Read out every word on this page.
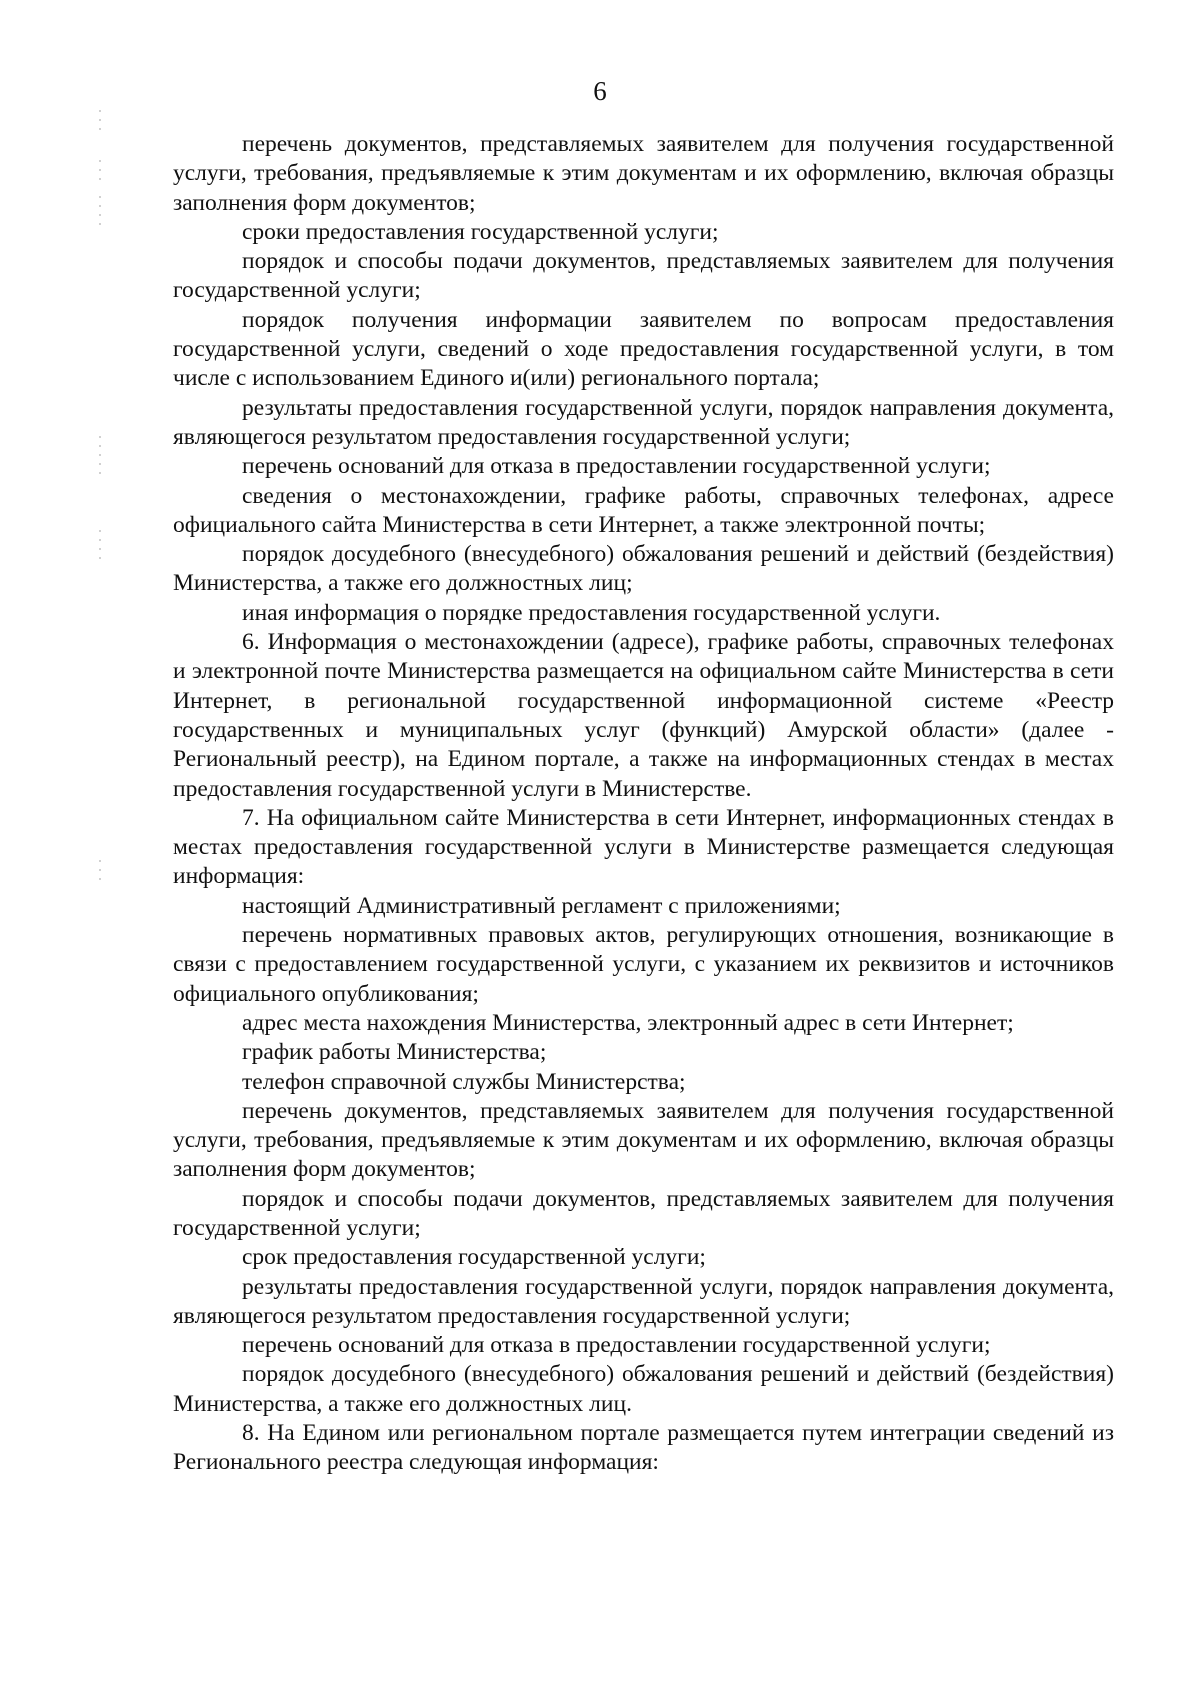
6

перечень документов, представляемых заявителем для получения государственной услуги, требования, предъявляемые к этим документам и их оформлению, включая образцы заполнения форм документов;

сроки предоставления государственной услуги;

порядок и способы подачи документов, представляемых заявителем для получения государственной услуги;

порядок получения информации заявителем по вопросам предоставления государственной услуги, сведений о ходе предоставления государственной услуги, в том числе с использованием Единого и(или) регионального портала;

результаты предоставления государственной услуги, порядок направления документа, являющегося результатом предоставления государственной услуги;

перечень оснований для отказа в предоставлении государственной услуги;

сведения о местонахождении, графике работы, справочных телефонах, адресе официального сайта Министерства в сети Интернет, а также электронной почты;

порядок досудебного (внесудебного) обжалования решений и действий (бездействия) Министерства, а также его должностных лиц;

иная информация о порядке предоставления государственной услуги.

6. Информация о местонахождении (адресе), графике работы, справочных телефонах и электронной почте Министерства размещается на официальном сайте Министерства в сети Интернет, в региональной государственной информационной системе «Реестр государственных и муниципальных услуг (функций) Амурской области» (далее - Региональный реестр), на Едином портале, а также на информационных стендах в местах предоставления государственной услуги в Министерстве.

7. На официальном сайте Министерства в сети Интернет, информационных стендах в местах предоставления государственной услуги в Министерстве размещается следующая информация:

настоящий Административный регламент с приложениями;

перечень нормативных правовых актов, регулирующих отношения, возникающие в связи с предоставлением государственной услуги, с указанием их реквизитов и источников официального опубликования;

адрес места нахождения Министерства, электронный адрес в сети Интернет;

график работы Министерства;

телефон справочной службы Министерства;

перечень документов, представляемых заявителем для получения государственной услуги, требования, предъявляемые к этим документам и их оформлению, включая образцы заполнения форм документов;

порядок и способы подачи документов, представляемых заявителем для получения государственной услуги;

срок предоставления государственной услуги;

результаты предоставления государственной услуги, порядок направления документа, являющегося результатом предоставления государственной услуги;

перечень оснований для отказа в предоставлении государственной услуги;

порядок досудебного (внесудебного) обжалования решений и действий (бездействия) Министерства, а также его должностных лиц.

8. На Едином или региональном портале размещается путем интеграции сведений из Регионального реестра следующая информация:
